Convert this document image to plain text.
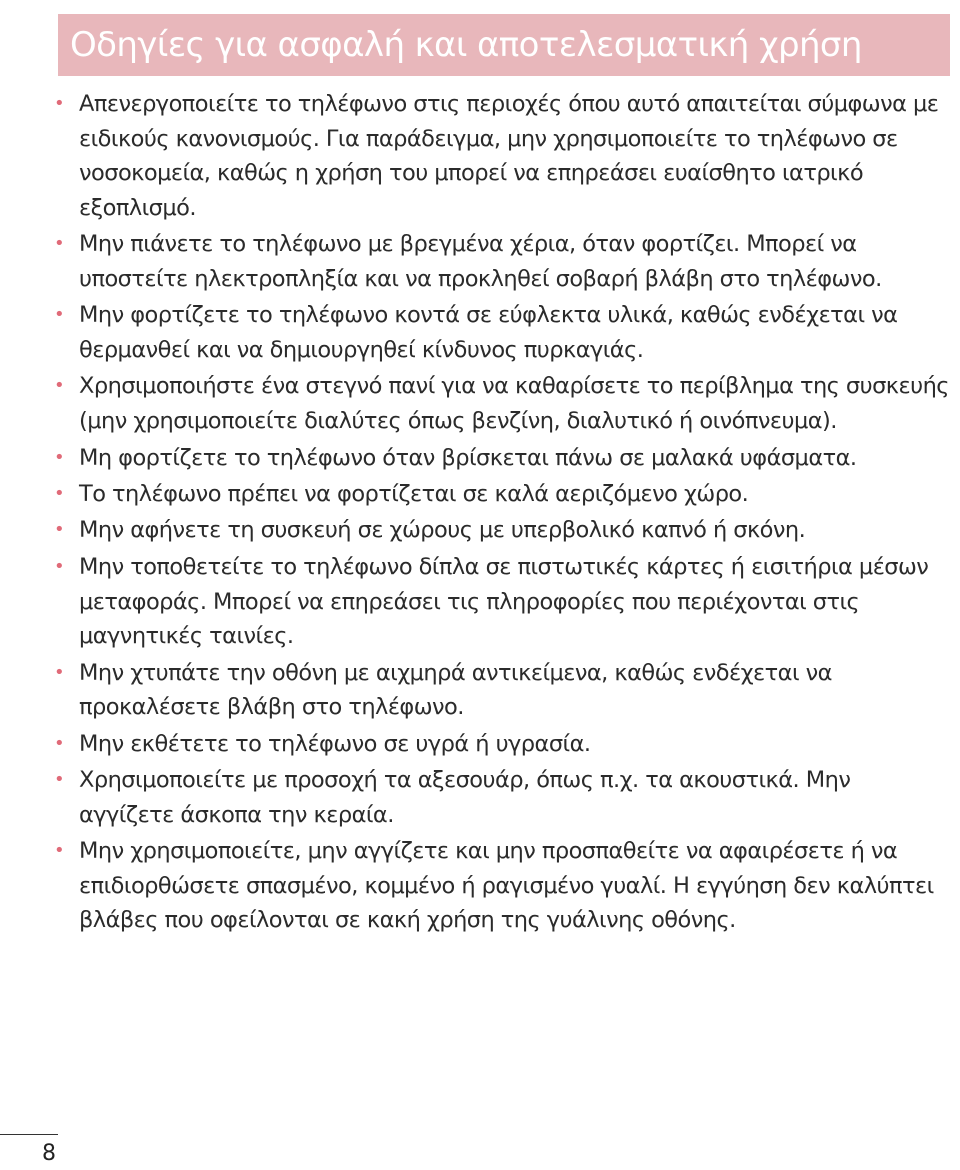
Οδηγίες για ασφαλή και αποτελεσματική χρήση
• Απενεργοποιείτε το τηλέφωνο στις περιοχές όπου αυτό απαιτείται σύμφωνα με ειδικούς κανονισμούς. Για παράδειγμα, μην χρησιμοποιείτε το τηλέφωνο σε νοσοκομεία, καθώς η χρήση του μπορεί να επηρεάσει ευαίσθητο ιατρικό εξοπλισμό.
• Μην πιάνετε το τηλέφωνο με βρεγμένα χέρια, όταν φορτίζει. Μπορεί να υποστείτε ηλεκτροπληξία και να προκληθεί σοβαρή βλάβη στο τηλέφωνο.
• Μην φορτίζετε το τηλέφωνο κοντά σε εύφλεκτα υλικά, καθώς ενδέχεται να θερμανθεί και να δημιουργηθεί κίνδυνος πυρκαγιάς.
• Χρησιμοποιήστε ένα στεγνό πανί για να καθαρίσετε το περίβλημα της συσκευής (μην χρησιμοποιείτε διαλύτες όπως βενζίνη, διαλυτικό ή οινόπνευμα).
• Μη φορτίζετε το τηλέφωνο όταν βρίσκεται πάνω σε μαλακά υφάσματα.
• Το τηλέφωνο πρέπει να φορτίζεται σε καλά αεριζόμενο χώρο.
• Μην αφήνετε τη συσκευή σε χώρους με υπερβολικό καπνό ή σκόνη.
• Μην τοποθετείτε το τηλέφωνο δίπλα σε πιστωτικές κάρτες ή εισιτήρια μέσων μεταφοράς. Μπορεί να επηρεάσει τις πληροφορίες που περιέχονται στις μαγνητικές ταινίες.
• Μην χτυπάτε την οθόνη με αιχμηρά αντικείμενα, καθώς ενδέχεται να προκαλέσετε βλάβη στο τηλέφωνο.
• Μην εκθέτετε το τηλέφωνο σε υγρά ή υγρασία.
• Χρησιμοποιείτε με προσοχή τα αξεσουάρ, όπως π.χ. τα ακουστικά. Μην αγγίζετε άσκοπα την κεραία.
• Μην χρησιμοποιείτε, μην αγγίζετε και μην προσπαθείτε να αφαιρέσετε ή να επιδιορθώσετε σπασμένο, κομμένο ή ραγισμένο γυαλί. Η εγγύηση δεν καλύπτει βλάβες που οφείλονται σε κακή χρήση της γυάλινης οθόνης.
8
